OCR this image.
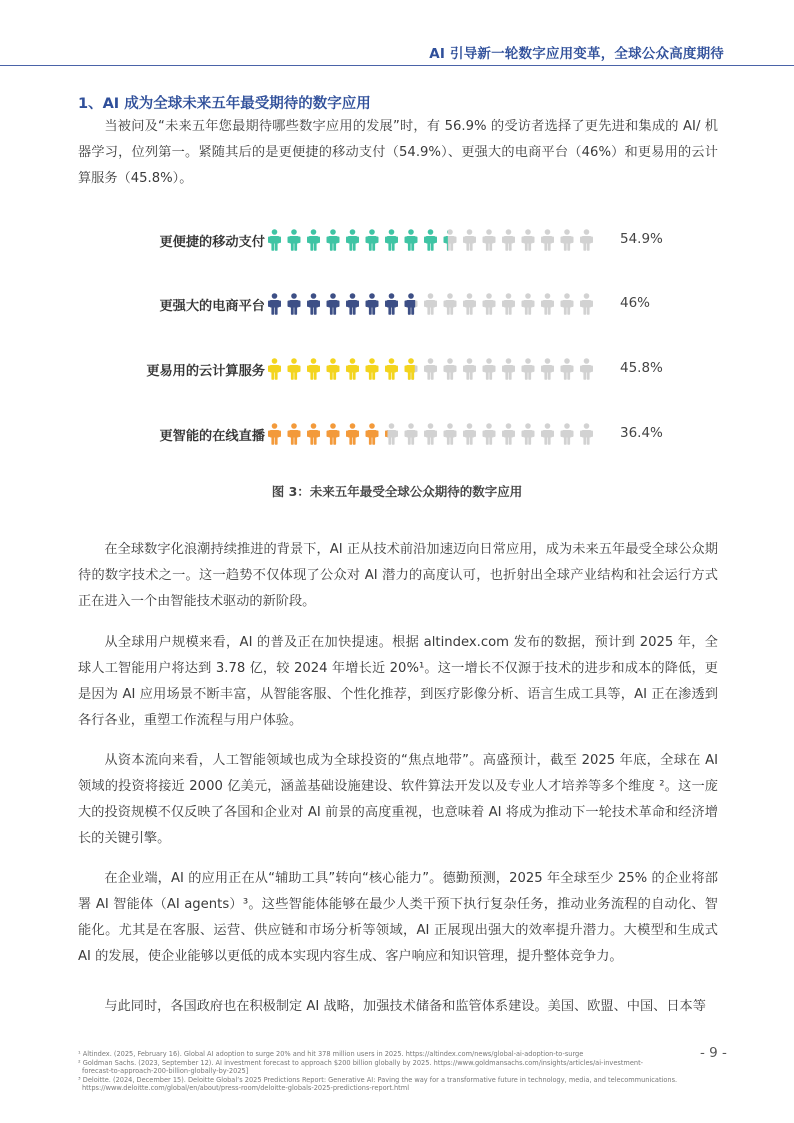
AI 引导新一轮数字应用变革，全球公众高度期待
1、AI 成为全球未来五年最受期待的数字应用

当被问及“未来五年您最期待哪些数字应用的发展”时，有 56.9% 的受访者选择了更先进和集成的 AI/ 机器学习，位列第一。紧随其后的是更便捷的移动支付（54.9%）、更强大的电商平台（46%）和更易用的云计算服务（45.8%）。

更便捷的移动支付	54.9%
更强大的电商平台	46%
更易用的云计算服务	45.8%
更智能的在线直播	36.4%
图 3：未来五年最受全球公众期待的数字应用

在全球数字化浪潮持续推进的背景下，AI 正从技术前沿加速迈向日常应用，成为未来五年最受全球公众期待的数字技术之一。这一趋势不仅体现了公众对 AI 潜力的高度认可，也折射出全球产业结构和社会运行方式正在进入一个由智能技术驱动的新阶段。

从全球用户规模来看，AI 的普及正在加快提速。根据 altindex.com 发布的数据，预计到 2025 年，全球人工智能用户将达到 3.78 亿，较 2024 年增长近 20%¹。这一增长不仅源于技术的进步和成本的降低，更是因为 AI 应用场景不断丰富，从智能客服、个性化推荐，到医疗影像分析、语言生成工具等，AI 正在渗透到各行各业，重塑工作流程与用户体验。

从资本流向来看，人工智能领域也成为全球投资的“焦点地带”。高盛预计，截至 2025 年底，全球在 AI 领域的投资将接近 2000 亿美元，涵盖基础设施建设、软件算法开发以及专业人才培养等多个维度 ²。这一庞大的投资规模不仅反映了各国和企业对 AI 前景的高度重视，也意味着 AI 将成为推动下一轮技术革命和经济增长的关键引擎。

在企业端，AI 的应用正在从“辅助工具”转向“核心能力”。德勤预测，2025 年全球至少 25% 的企业将部署 AI 智能体（AI agents）³。这些智能体能够在最少人类干预下执行复杂任务，推动业务流程的自动化、智能化。尤其是在客服、运营、供应链和市场分析等领域，AI 正展现出强大的效率提升潜力。大模型和生成式 AI 的发展，使企业能够以更低的成本实现内容生成、客户响应和知识管理，提升整体竞争力。

与此同时，各国政府也在积极制定 AI 战略，加强技术储备和监管体系建设。美国、欧盟、中国、日本等

- 9 -
¹ Altindex. (2025, February 16). Global AI adoption to surge 20% and hit 378 million users in 2025. https://altindex.com/news/global-ai-adoption-to-surge
² Goldman Sachs. (2023, September 12). AI investment forecast to approach $200 billion globally by 2025. https://www.goldmansachs.com/insights/articles/ai-investment-
forecast-to-approach-200-billion-globally-by-2025]
³ Deloitte. (2024, December 15). Deloitte Global’s 2025 Predictions Report: Generative AI: Paving the way for a transformative future in technology, media, and telecommunications.
https://www.deloitte.com/global/en/about/press-room/deloitte-globals-2025-predictions-report.html
